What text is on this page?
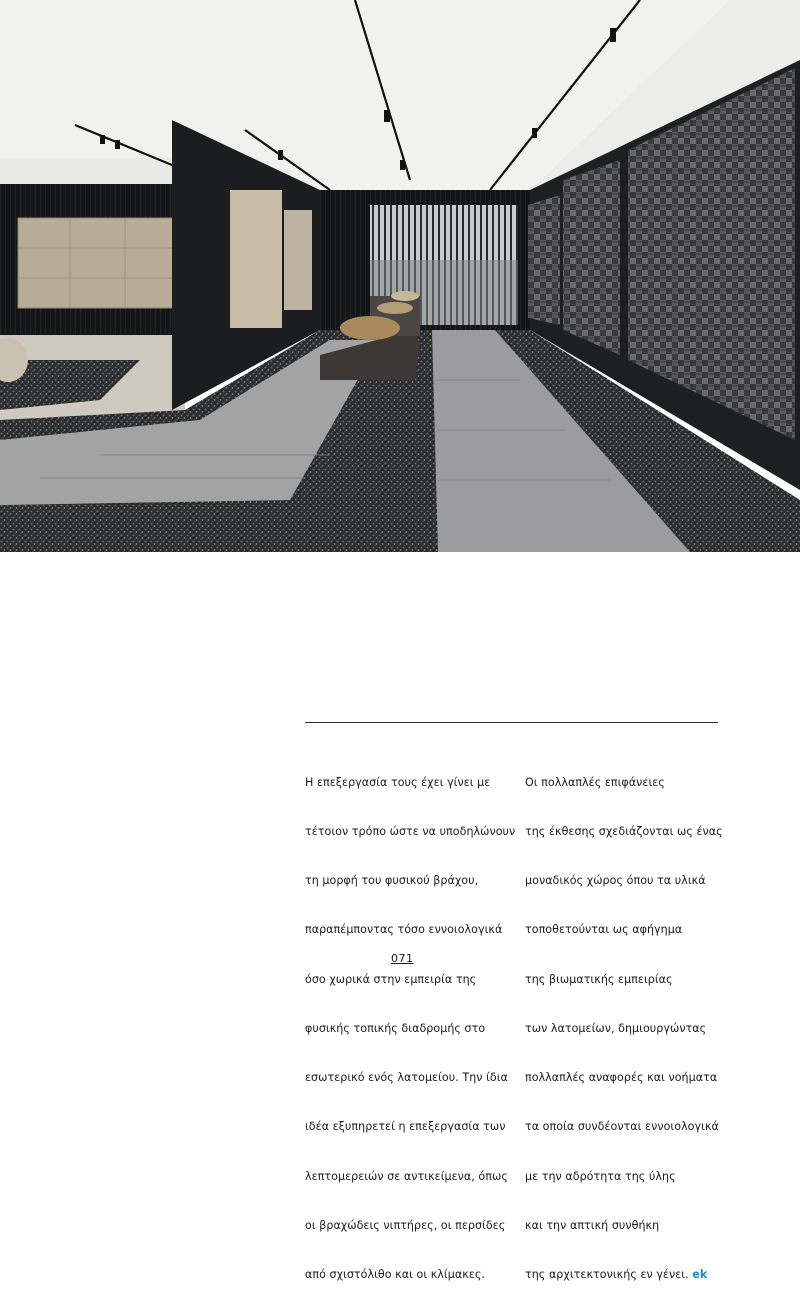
Η επεξεργασία τους έχει γίνει με

τέτοιον τρόπο ώστε να υποδηλώνουν

τη μορφή του φυσικού βράχου,

παραπέμποντας τόσο εννοιολογικά

όσο χωρικά στην εμπειρία της

φυσικής τοπικής διαδρομής στο

εσωτερικό ενός λατομείου. Την ίδια

ιδέα εξυπηρετεί η επεξεργασία των

λεπτομερειών σε αντικείμενα, όπως

οι βραχώδεις νιπτήρες, οι περσίδες

από σχιστόλιθο και οι κλίμακες.

Οι πολλαπλές επιφάνειες

της έκθεσης σχεδιάζονται ως ένας

μοναδικός χώρος όπου τα υλικά

τοποθετούνται ως αφήγημα

της βιωματικής εμπειρίας

των λατομείων, δημιουργώντας

πολλαπλές αναφορές και νοήματα

τα οποία συνδέονται εννοιολογικά

με την αδρότητα της ύλης

και την απτική συνθήκη

της αρχιτεκτονικής εν γένει. ek

071
